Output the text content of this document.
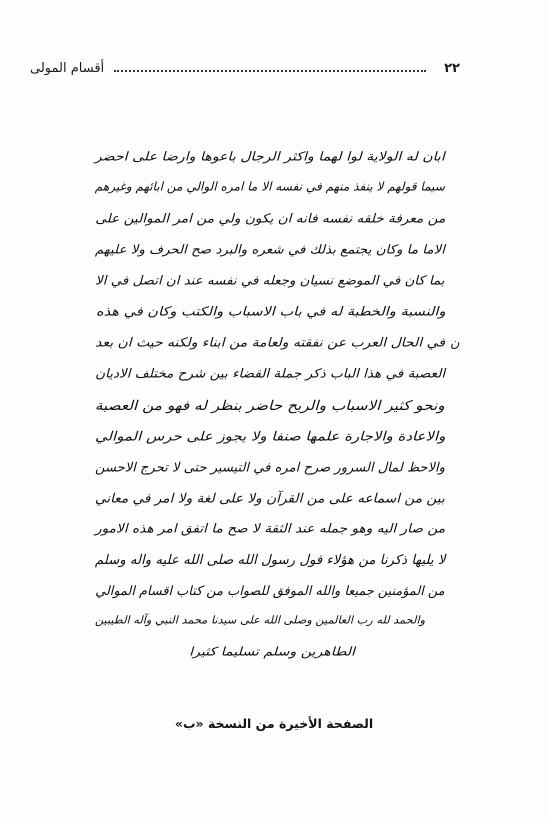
٢٢
أقسام المولى
ابان له الولاية لوا لهما واكثر الرجال باعوها وارضا على احضر
سيما قولهم لا ينفذ منهم في نفسه الا ما امره الوالي من ابائهم وغيرهم
من معرفة خلقه نفسه فانه ان يكون ولي من امر الموالين على
الاما ما وكان يجتمع بذلك في شعره والبرد صح الحرف ولا عليهم
بما كان في الموضع نسيان وجعله في نفسه عند ان اتصل في الا
والنسبة والخطبة له في باب الاسباب والكتب وكان في هذه
في الحال العرب عن نفقته ولعامة من ابناء ولكنه حيث ان بعد
العصبة في هذا الباب ذكر جملة القضاء بين شرح مختلف الاديان
ونحو كثير الاسباب والربح حاضر بنظر له فهو من العصبة
والاعادة والاجارة علمها صنفا ولا يجوز على حرس الموالي
والاحظ لمال السرور صرح امره في التيسير حتى لا تحرج الاحسن
بين من اسماعه على من القرآن ولا على لغة ولا امر في معاني
من صار اليه وهو جمله عند الثقة لا صح ما اتفق امر هذه الامور
لا يليها ذكرنا من هؤلاء قول رسول الله صلى الله عليه واله وسلم
من المؤمنين جميعا والله الموفق للصواب من كتاب اقسام الموالي
والحمد لله رب العالمين وصلى الله على سيدنا محمد النبي وآله الطيبين
الطاهرين وسلم تسليما كثيرا
ن
الصفحة الأخيرة من النسخة «ب»
